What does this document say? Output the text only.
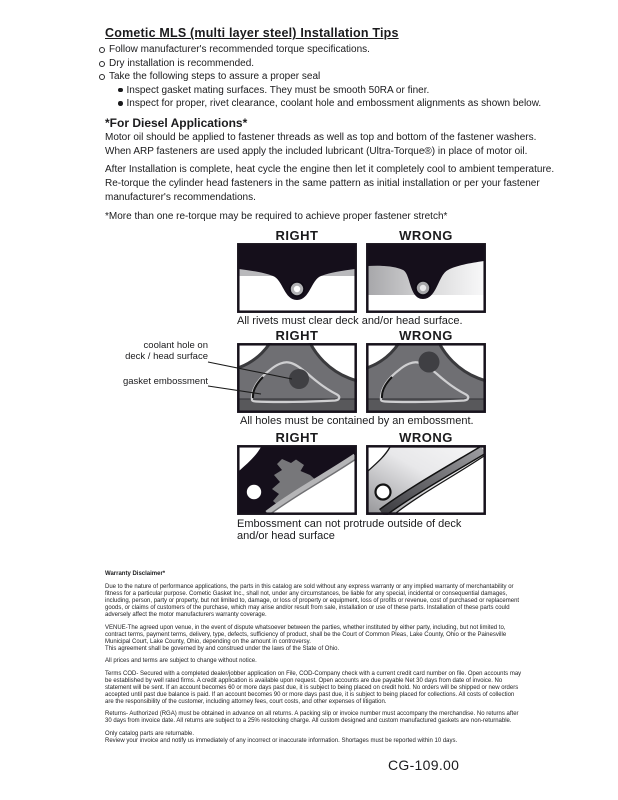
Cometic MLS (multi layer steel) Installation Tips
Follow manufacturer's recommended torque specifications.
Dry installation is recommended.
Take the following steps to assure a proper seal
Inspect gasket mating surfaces. They must be smooth 50RA or finer.
Inspect for proper, rivet clearance, coolant hole and embossment alignments as shown below.
*For Diesel Applications*

Motor oil should be applied to fastener threads as well as top and bottom of the fastener washers. When ARP fasteners are used apply the included lubricant (Ultra-Torque®) in place of motor oil.

After Installation is complete, heat cycle the engine then let it completely cool to ambient temperature. Re-torque the cylinder head fasteners in the same pattern as initial installation or per your fastener manufacturer's recommendations.

*More than one re-torque may be required to achieve proper fastener stretch*

RIGHT	WRONG
All rivets must clear deck and/or head surface.
RIGHT	WRONG
coolant hole on
deck / head surface
gasket embossment
All holes must be contained by an embossment.
RIGHT	WRONG
Embossment can not protrude outside of deck
and/or head surface

Warranty Disclaimer*

Due to the nature of performance applications, the parts in this catalog are sold without any express warranty or any implied warranty of merchantability or fitness for a particular purpose. Cometic Gasket Inc., shall not, under any circumstances, be liable for any special, incidental or consequential damages, including, person, party or property, but not limited to, damage, or loss of property or equipment, loss of profits or revenue, cost of purchased or replacement goods, or claims of customers of the purchase, which may arise and/or result from sale, installation or use of these parts. Installation of these parts could adversely affect the motor manufacturers warranty coverage.

VENUE-The agreed upon venue, in the event of dispute whatsoever between the parties, whether instituted by either party, including, but not limited to, contract terms, payment terms, delivery, type, defects, sufficiency of product, shall be the Court of Common Pleas, Lake County, Ohio or the Painesville Municipal Court, Lake County, Ohio, depending on the amount in controversy.

This agreement shall be governed by and construed under the laws of the State of Ohio.

All prices and terms are subject to change without notice.

Terms COD- Secured with a completed dealer/jobber application on File, COD-Company check with a current credit card number on file. Open accounts may be established by well rated firms. A credit application is available upon request. Open accounts are due payable Net 30 days from date of invoice. No statement will be sent. If an account becomes 60 or more days past due, it is subject to being placed on credit hold. No orders will be shipped or new orders accepted until past due balance is paid. If an account becomes 90 or more days past due, it is subject to being placed for collections. All costs of collection are the responsibility of the customer, including attorney fees, court costs, and other expenses of litigation.

Returns- Authorized (RGA) must be obtained in advance on all returns. A packing slip or invoice number must accompany the merchandise. No returns after 30 days from invoice date. All returns are subject to a 25% restocking charge. All custom designed and custom manufactured gaskets are non-returnable.

Only catalog parts are returnable.

Review your invoice and notify us immediately of any incorrect or inaccurate information. Shortages must be reported within 10 days.

CG-109.00
